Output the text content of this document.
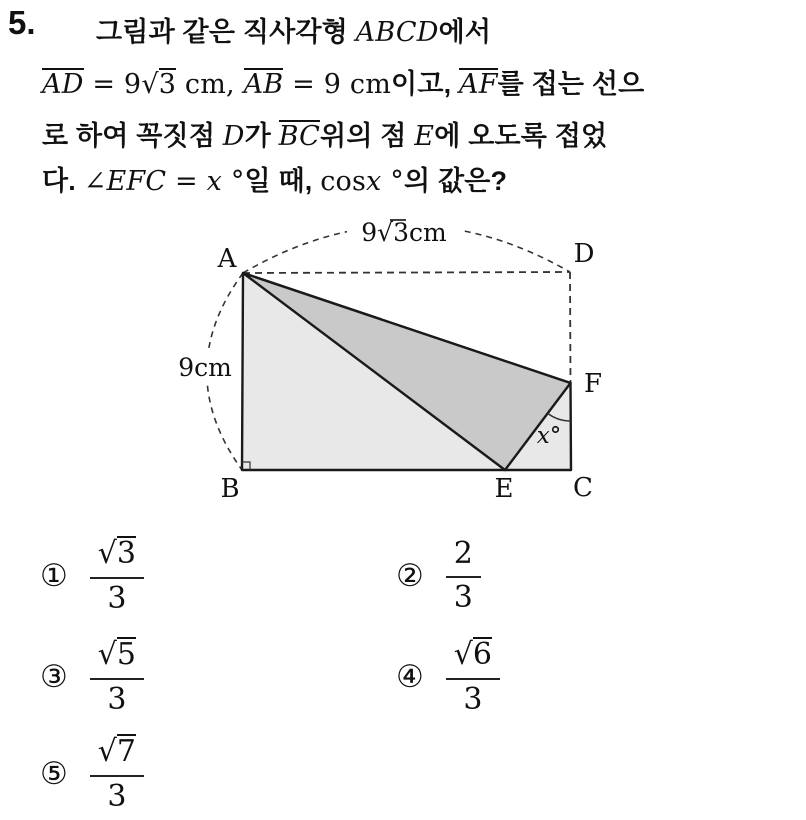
5. 그림과 같은 직사각형 ABCD에서
AD = 9√3 cm, AB = 9 cm이고, AF를 접는 선으
로 하여 꼭짓점 D가 BC위의 점 E에 오도록 접었
다. ∠EFC = x °일 때, cosx °의 값은?
9√3cm
9cm
x°
A
B	C
D
E
F
① $\frac{√3}{3}$	② $\frac{2}{3}$
③ $\frac{√5}{3}$	④ $\frac{√6}{3}$
⑤ $\frac{√7}{3}$
